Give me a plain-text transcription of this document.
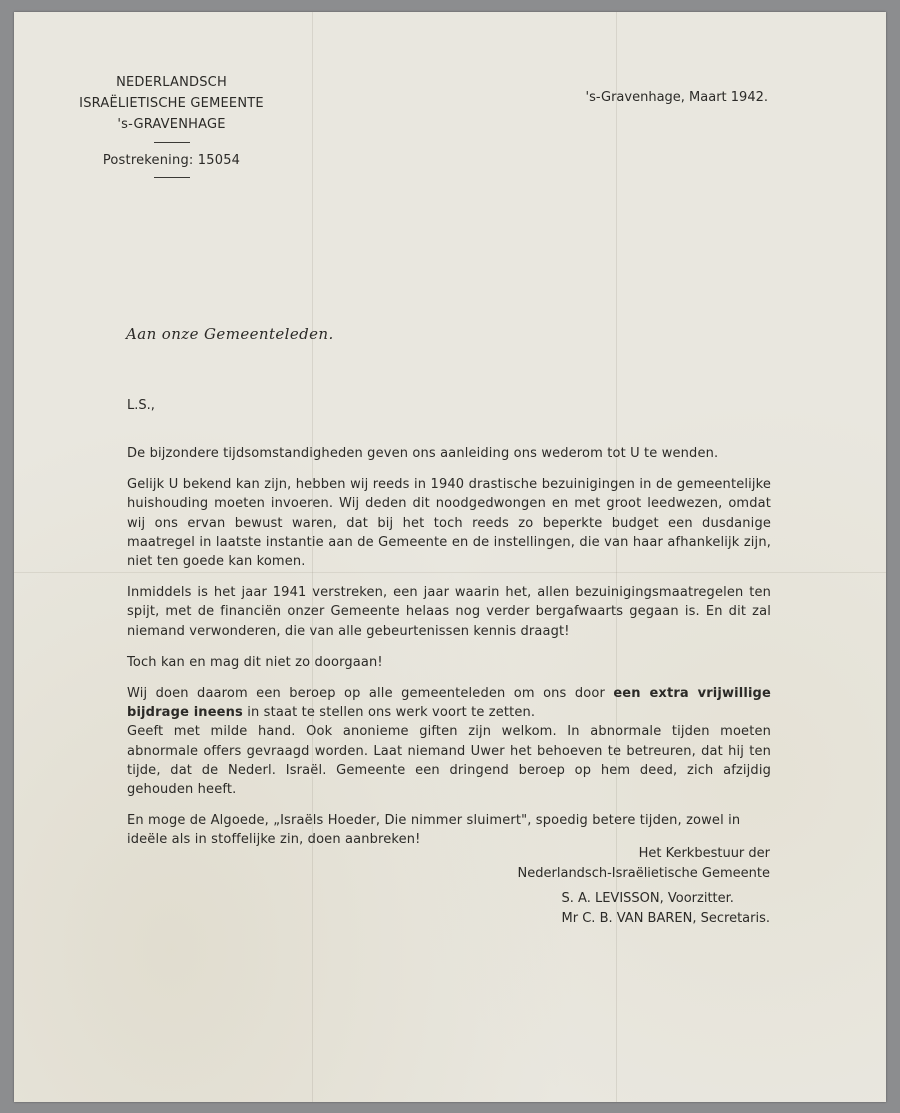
NEDERLANDSCH
ISRAËLIETISCHE GEMEENTE
's-GRAVENHAGE
Postrekening: 15054
's-Gravenhage, Maart 1942.
Aan onze Gemeenteleden.
L.S.,

De bijzondere tijdsomstandigheden geven ons aanleiding ons wederom tot U te wenden.

Gelijk U bekend kan zijn, hebben wij reeds in 1940 drastische bezuinigingen in de gemeentelijke huishouding moeten invoeren. Wij deden dit noodgedwongen en met groot leedwezen, omdat wij ons ervan bewust waren, dat bij het toch reeds zo beperkte budget een dusdanige maatregel in laatste instantie aan de Gemeente en de instellingen, die van haar afhankelijk zijn, niet ten goede kan komen.

Inmiddels is het jaar 1941 verstreken, een jaar waarin het, allen bezuinigingsmaatregelen ten spijt, met de financiën onzer Gemeente helaas nog verder bergafwaarts gegaan is. En dit zal niemand verwonderen, die van alle gebeurtenissen kennis draagt!

Toch kan en mag dit niet zo doorgaan!

Wij doen daarom een beroep op alle gemeenteleden om ons door een extra vrijwillige bijdrage ineens in staat te stellen ons werk voort te zetten.
Geeft met milde hand. Ook anonieme giften zijn welkom. In abnormale tijden moeten abnormale offers gevraagd worden. Laat niemand Uwer het behoeven te betreuren, dat hij ten tijde, dat de Nederl. Israël. Gemeente een dringend beroep op hem deed, zich afzijdig gehouden heeft.

En moge de Algoede, „Israëls Hoeder, Die nimmer sluimert", spoedig betere tijden, zowel in ideële als in stoffelijke zin, doen aanbreken!

Het Kerkbestuur der
Nederlandsch-Israëlietische Gemeente
S. A. LEVISSON, Voorzitter.
Mr C. B. VAN BAREN, Secretaris.
